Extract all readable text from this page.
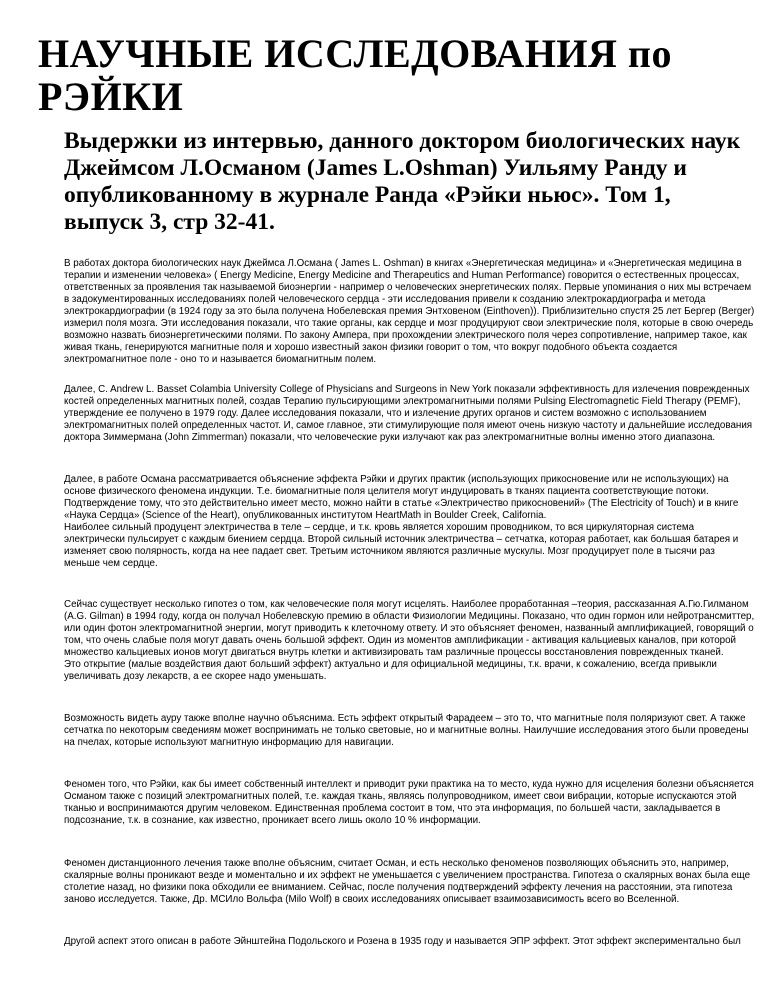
НАУЧНЫЕ ИССЛЕДОВАНИЯ по РЭЙКИ
Выдержки из интервью, данного доктором биологических наук Джеймсом Л.Османом (James L.Oshman) Уильяму Ранду и опубликованному в журнале Ранда «Рэйки ньюс». Том 1, выпуск 3, стр 32-41.
В работах доктора биологических наук Джеймса Л.Османа ( James L. Oshman) в книгах «Энергетическая медицина» и «Энергетическая медицина в
терапии и изменении человека» ( Energy Medicine, Energy Medicine and Therapeutics and Human Performance) говорится о естественных процессах,
ответственных за проявления так называемой биоэнергии - например о человеческих энергетических полях. Первые упоминания о них мы встречаем
в задокументированных исследованиях полей человеческого сердца - эти исследования привели к созданию электрокардиографа и метода
электрокардиографии (в 1924 году за это была получена Нобелевская премия Энтховеном (Einthoven)). Приблизительно спустя 25 лет Бергер (Berger)
измерил поля мозга. Эти исследования показали, что такие органы, как сердце и мозг продуцируют свои электрические поля, которые в свою очередь
возможно назвать биоэнергетическими полями. По закону Ампера, при прохождении электрического поля через сопротивление, например такое, как
живая ткань, генерируются магнитные поля и хорошо известный закон физики говорит о том, что вокруг подобного объекта создается
электромагнитное поле - оно то и называется биомагнитным полем.
Далее, C. Andrew L. Basset Colambia University College of Physicians and Surgeons in New York показали эффективность для излечения поврежденных
костей определенных магнитных полей, создав Терапию пульсирующими электромагнитными полями Pulsing Electromagnetic Field Therapy (PEMF),
утверждение ее получено в 1979 году. Далее исследования показали, что и излечение других органов и систем возможно с использованием
электромагнитных полей определенных частот. И, самое главное, эти стимулирующие поля имеют очень низкую частоту и дальнейшие исследования
доктора Зиммермана (John Zimmerman) показали, что человеческие руки излучают как раз электромагнитные волны именно этого диапазона.
Далее, в работе Османа рассматривается объяснение эффекта Рэйки и других практик (использующих прикосновение или не использующих) на
основе физического феномена индукции. Т.е. биомагнитные поля целителя могут индуцировать в тканях пациента соответствующие потоки.
Подтверждение тому, что это действительно имеет место, можно найти в статье «Электричество прикосновений» (The Electricity of Touch) и в книге
«Наука Сердца» (Science of the Heart), опубликованных институтом HeartMath in Boulder Creek, California.
Наиболее сильный продуцент электричества в теле – сердце, и т.к. кровь является хорошим проводником, то вся циркуляторная система
электрически пульсирует с каждым биением сердца. Второй сильный источник электричества – сетчатка, которая работает, как большая батарея и
изменяет свою полярность, когда на нее падает свет. Третьим источником являются различные мускулы. Мозг продуцирует поле в тысячи раз
меньше чем сердце.
Сейчас существует несколько гипотез о том, как человеческие поля могут исцелять. Наиболее проработанная –теория, рассказанная А.Гю.Гилманом
(A.G. Gilman) в 1994 году, когда он получал Нобелевскую премию в области Физиологии Медицины. Показано, что один гормон или нейротрансмиттер,
или один фотон электромагнитной энергии, могут приводить к клеточному ответу. И это объясняет феномен, названный амплификацией, говорящий о
том, что очень слабые поля могут давать очень большой эффект. Один из моментов амплификации - активация кальциевых каналов, при которой
множество кальциевых ионов могут двигаться внутрь клетки и активизировать там различные процессы восстановления поврежденных тканей.
Это открытие (малые воздействия дают больший эффект) актуально и для официальной медицины, т.к. врачи, к сожалению, всегда привыкли
увеличивать дозу лекарств, а ее скорее надо уменьшать.
Возможность видеть ауру также вполне научно объяснима. Есть эффект открытый Фарадеем – это то, что магнитные поля поляризуют свет. А также
сетчатка по некоторым сведениям может воспринимать не только световые, но и магнитные волны. Наилучшие исследования этого были проведены
на пчелах, которые используют магнитную информацию для навигации.
Феномен того, что Рэйки, как бы имеет собственный интеллект и приводит руки практика на то место, куда нужно для исцеления болезни объясняется
Османом также с позиций электромагнитных полей, т.е. каждая ткань, являясь полупроводником, имеет свои вибрации, которые испускаются этой
тканью и воспринимаются другим человеком. Единственная проблема состоит в том, что эта информация, по большей части, закладывается в
подсознание, т.к. в сознание, как известно, проникает всего лишь около 10 % информации.
Феномен дистанционного лечения также вполне объясним, считает Осман, и есть несколько феноменов позволяющих объяснить это, например,
скалярные волны проникают везде и моментально и их эффект не уменьшается с увеличением пространства. Гипотеза о скалярных вонах была еще
столетие назад, но физики пока обходили ее вниманием. Сейчас, после получения подтверждений эффекту лечения на расстоянии, эта гипотеза
заново исследуется. Также, Др. МСИло Вольфа (Milo Wolf) в своих исследованиях описывает взаимозависимость всего во Вселенной.
Другой аспект этого описан в работе Эйнштейна Подольского и Розена в 1935 году и называется ЭПР эффект. Этот эффект экспериментально был
